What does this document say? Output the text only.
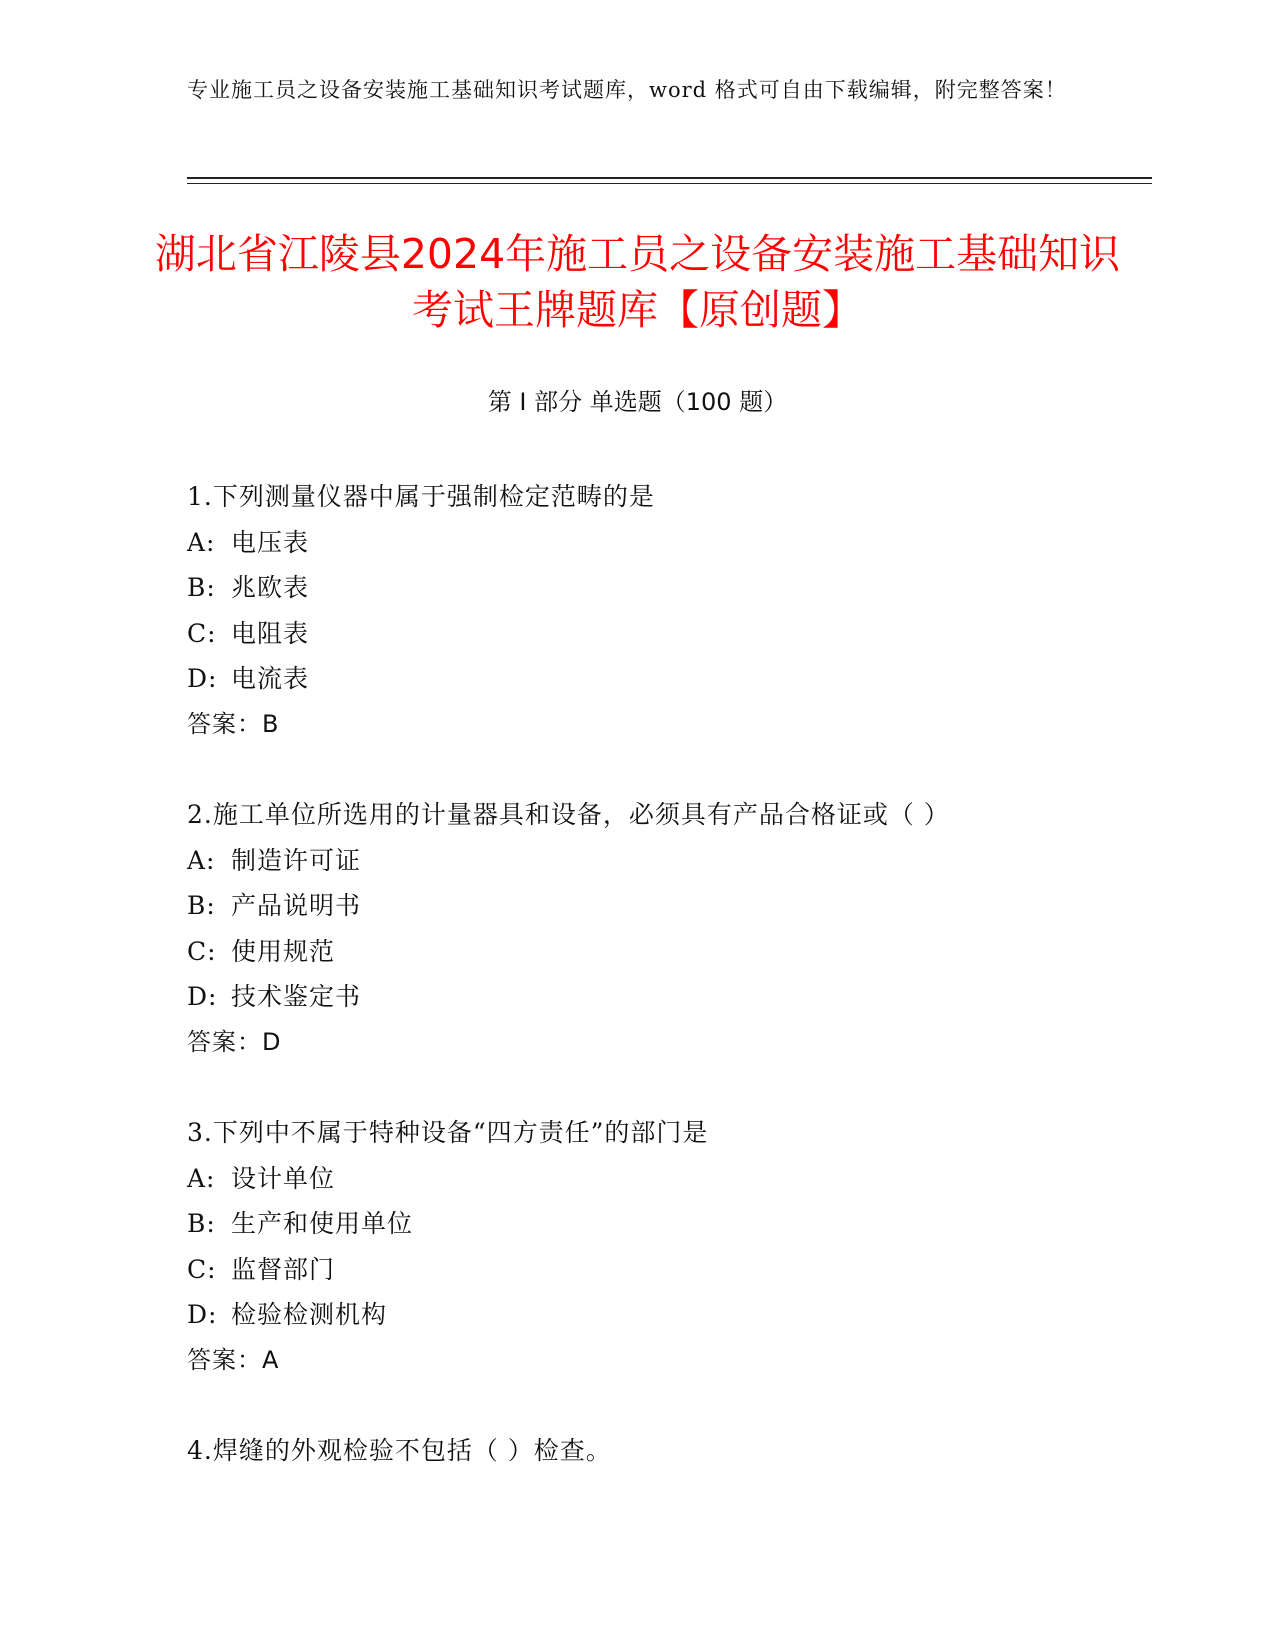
专业施工员之设备安装施工基础知识考试题库，word 格式可自由下载编辑，附完整答案！
湖北省江陵县2024年施工员之设备安装施工基础知识考试王牌题库【原创题】
第 I 部分 单选题（100 题）
1.下列测量仪器中属于强制检定范畴的是
A: 电压表
B: 兆欧表
C: 电阻表
D: 电流表
答案：B
2.施工单位所选用的计量器具和设备，必须具有产品合格证或（ ）
A: 制造许可证
B: 产品说明书
C: 使用规范
D: 技术鉴定书
答案：D
3.下列中不属于特种设备“四方责任”的部门是
A: 设计单位
B: 生产和使用单位
C: 监督部门
D: 检验检测机构
答案：A
4.焊缝的外观检验不包括（ ）检查。
